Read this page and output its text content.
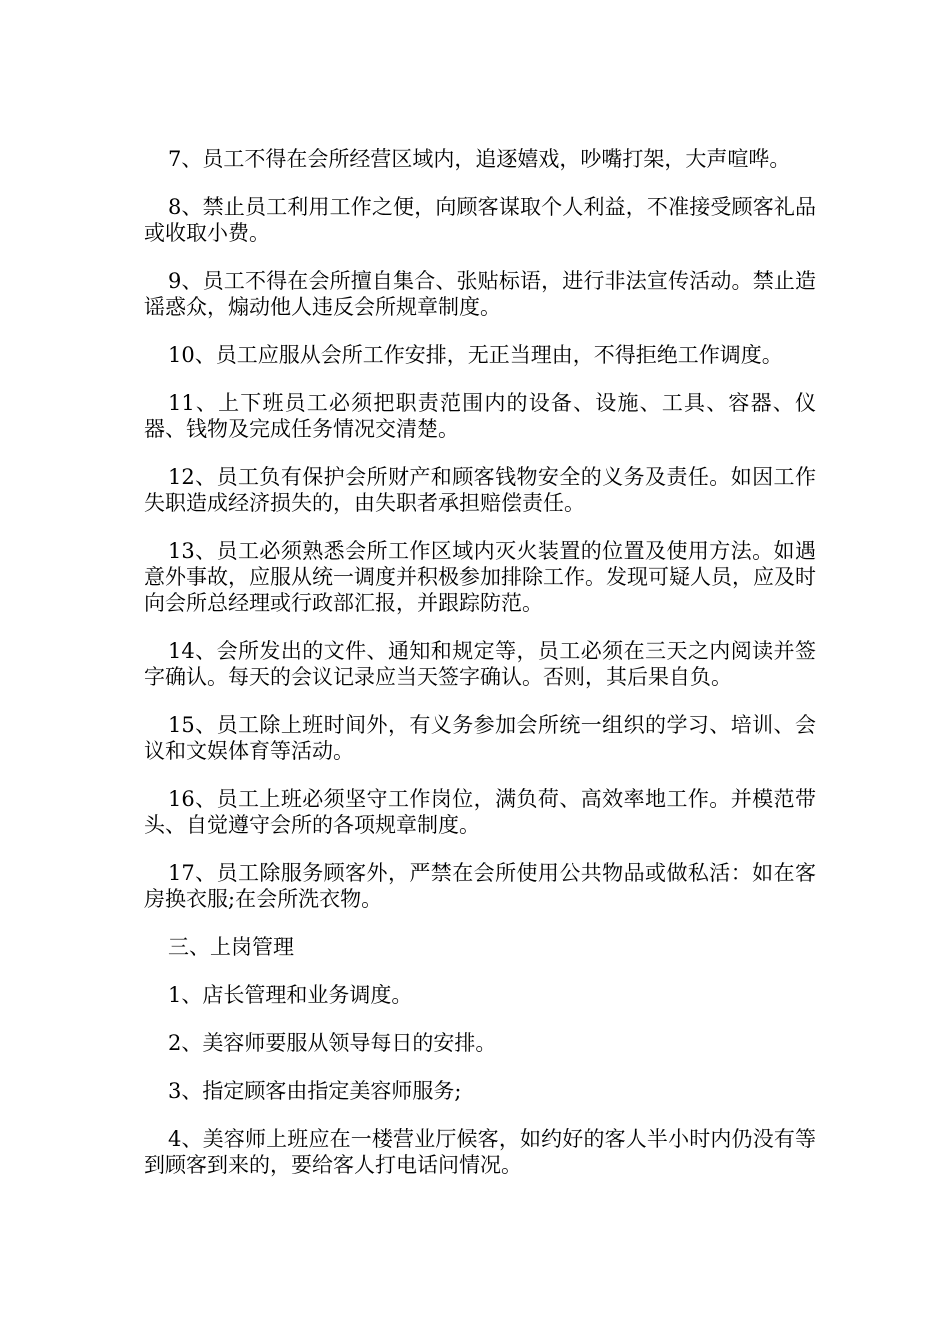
7、员工不得在会所经营区域内，追逐嬉戏，吵嘴打架，大声喧哗。

8、禁止员工利用工作之便，向顾客谋取个人利益，不准接受顾客礼品或收取小费。

9、员工不得在会所擅自集合、张贴标语，进行非法宣传活动。禁止造谣惑众，煽动他人违反会所规章制度。

10、员工应服从会所工作安排，无正当理由，不得拒绝工作调度。

11、上下班员工必须把职责范围内的设备、设施、工具、容器、仪器、钱物及完成任务情况交清楚。

12、员工负有保护会所财产和顾客钱物安全的义务及责任。如因工作失职造成经济损失的，由失职者承担赔偿责任。

13、员工必须熟悉会所工作区域内灭火装置的位置及使用方法。如遇意外事故，应服从统一调度并积极参加排除工作。发现可疑人员，应及时向会所总经理或行政部汇报，并跟踪防范。

14、会所发出的文件、通知和规定等，员工必须在三天之内阅读并签字确认。每天的会议记录应当天签字确认。否则，其后果自负。

15、员工除上班时间外，有义务参加会所统一组织的学习、培训、会议和文娱体育等活动。

16、员工上班必须坚守工作岗位，满负荷、高效率地工作。并模范带头、自觉遵守会所的各项规章制度。

17、员工除服务顾客外，严禁在会所使用公共物品或做私活：如在客房换衣服;在会所洗衣物。

三、上岗管理

1、店长管理和业务调度。

2、美容师要服从领导每日的安排。

3、指定顾客由指定美容师服务;

4、美容师上班应在一楼营业厅候客，如约好的客人半小时内仍没有等到顾客到来的，要给客人打电话问情况。
